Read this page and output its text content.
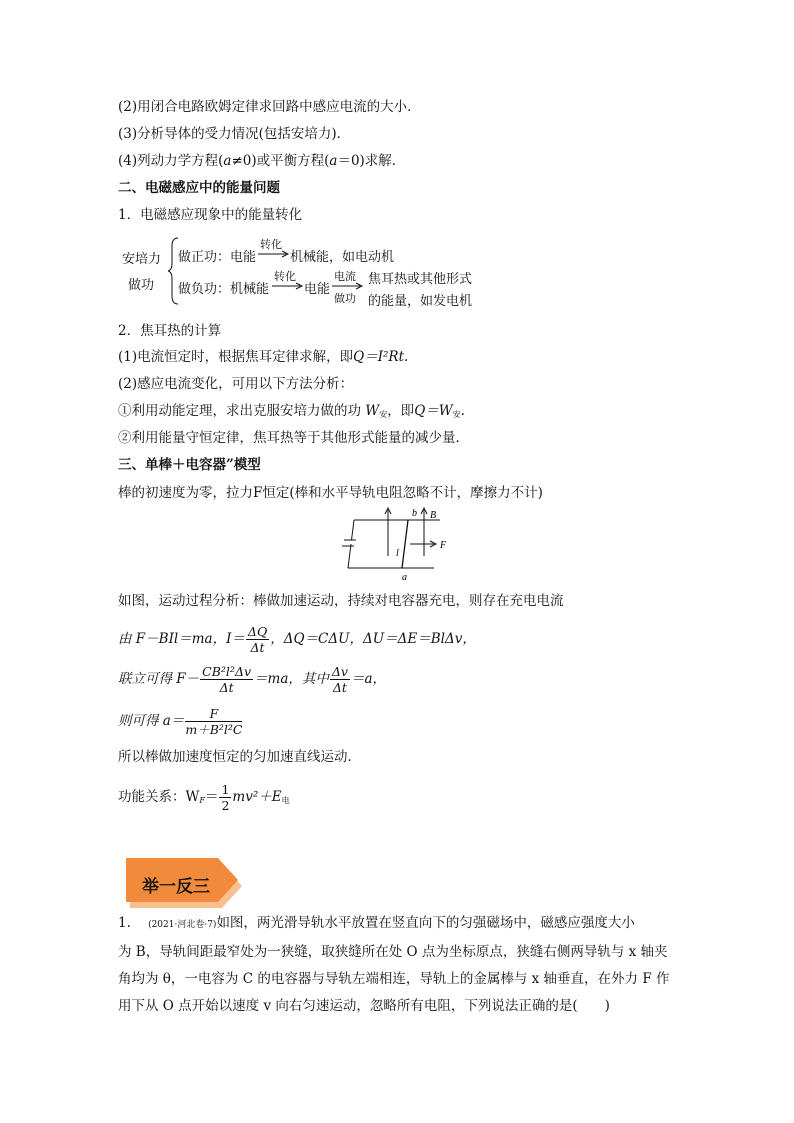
(2)用闭合电路欧姆定律求回路中感应电流的大小．
(3)分析导体的受力情况(包括安培力)．
(4)列动力学方程(a≠0)或平衡方程(a＝0)求解．
二、电磁感应中的能量问题
1．电磁感应现象中的能量转化
安培力
做功
做正功：电能
转化
机械能，如电动机
做负功：机械能
转化
电能
电流
做功
焦耳热或其他形式
的能量，如发电机
2．焦耳热的计算
(1)电流恒定时，根据焦耳定律求解，即Q＝I²Rt.
(2)感应电流变化，可用以下方法分析：
①利用动能定理，求出克服安培力做的功 $W_安$，即$Q=W_安$.
②利用能量守恒定律，焦耳热等于其他形式能量的减少量．
三、单棒＋电容器”模型
棒的初速度为零，拉力F恒定(棒和水平导轨电阻忽略不计，摩擦力不计)
b B
F
l
a
如图，运动过程分析：棒做加速运动，持续对电容器充电，则存在充电电流
由 F－BIl＝ma，$I= \frac{\Delta Q}{\Delta t}$ ，ΔQ＝CΔU，ΔU＝ΔE＝BlΔv，
联立可得 $F- \frac{\text{CB²l²Δv}}{\Delta t} =ma$，其中 $\frac{\Delta v}{\Delta t} =a$，
则可得 $a= \frac{F}{\text{m＋B²l²C}}$
所以棒做加速度恒定的匀加速直线运动．
功能关系：$W_F= \frac{1}{2} mv^2+E_电$
举一反三
1. (2021·河北卷·7)如图，两光滑导轨水平放置在竖直向下的匀强磁场中，磁感应强度大小
为 B，导轨间距最窄处为一狭缝，取狭缝所在处 O 点为坐标原点，狭缝右侧两导轨与 x 轴夹
角均为 θ，一电容为 C 的电容器与导轨左端相连，导轨上的金属棒与 x 轴垂直，在外力 F 作
用下从 O 点开始以速度 v 向右匀速运动，忽略所有电阻，下列说法正确的是(　　)
